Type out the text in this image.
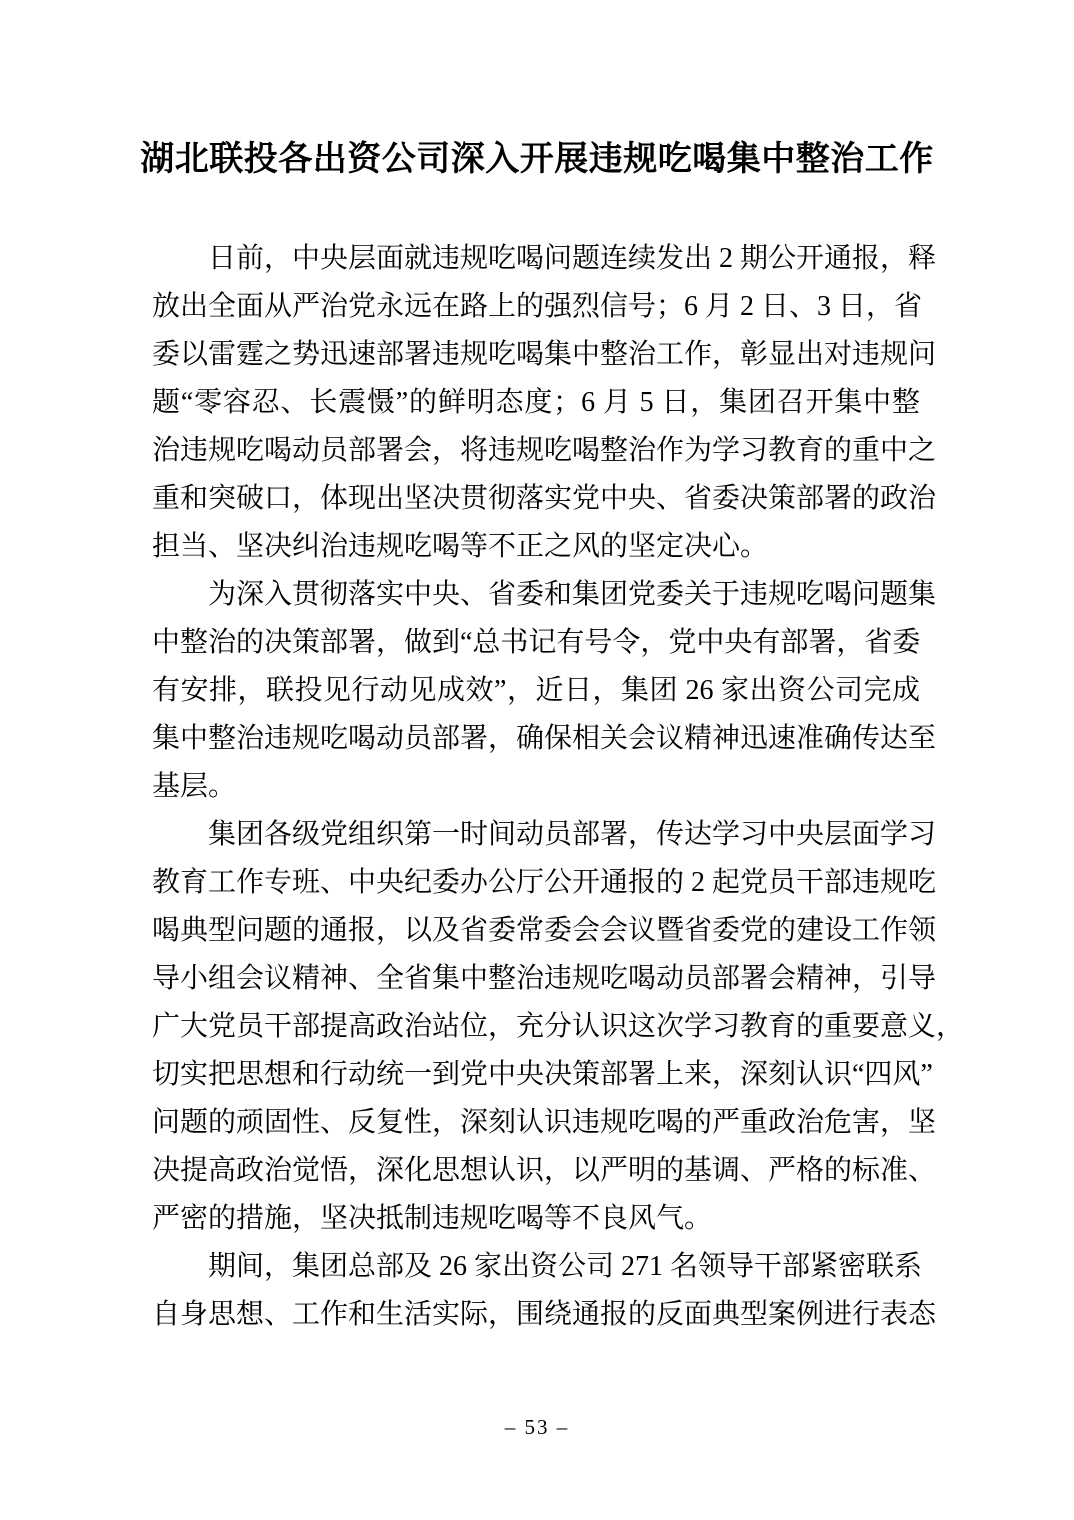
湖北联投各出资公司深入开展违规吃喝集中整治工作
日前，中央层面就违规吃喝问题连续发出 2 期公开通报，释
放出全面从严治党永远在路上的强烈信号；6 月 2 日、3 日，省
委以雷霆之势迅速部署违规吃喝集中整治工作，彰显出对违规问
题“零容忍、长震慑”的鲜明态度；6 月 5 日，集团召开集中整
治违规吃喝动员部署会，将违规吃喝整治作为学习教育的重中之
重和突破口，体现出坚决贯彻落实党中央、省委决策部署的政治
担当、坚决纠治违规吃喝等不正之风的坚定决心。
为深入贯彻落实中央、省委和集团党委关于违规吃喝问题集
中整治的决策部署，做到“总书记有号令，党中央有部署，省委
有安排，联投见行动见成效”，近日，集团 26 家出资公司完成
集中整治违规吃喝动员部署，确保相关会议精神迅速准确传达至
基层。
集团各级党组织第一时间动员部署，传达学习中央层面学习
教育工作专班、中央纪委办公厅公开通报的 2 起党员干部违规吃
喝典型问题的通报，以及省委常委会会议暨省委党的建设工作领
导小组会议精神、全省集中整治违规吃喝动员部署会精神，引导
广大党员干部提高政治站位，充分认识这次学习教育的重要意义，
切实把思想和行动统一到党中央决策部署上来，深刻认识“四风”
问题的顽固性、反复性，深刻认识违规吃喝的严重政治危害，坚
决提高政治觉悟，深化思想认识，以严明的基调、严格的标准、
严密的措施，坚决抵制违规吃喝等不良风气。
期间，集团总部及 26 家出资公司 271 名领导干部紧密联系
自身思想、工作和生活实际，围绕通报的反面典型案例进行表态
– 53 –
